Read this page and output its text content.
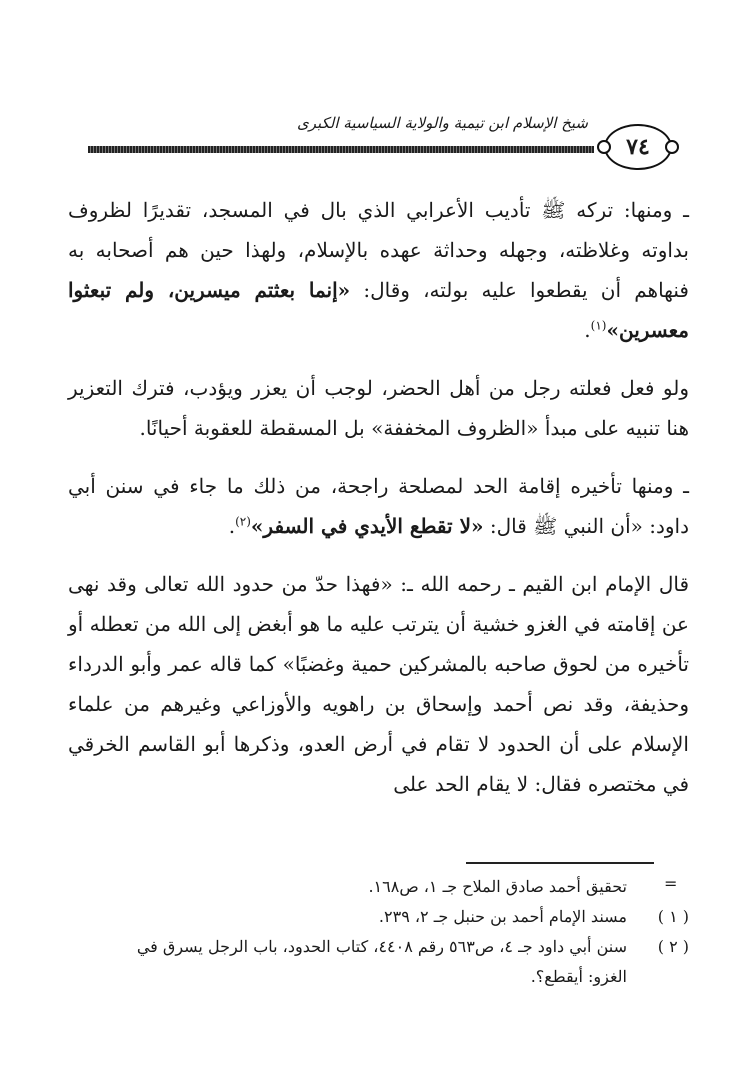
شيخ الإسلام ابن تيمية والولاية السياسية الكبرى
٧٤

ـ ومنها: تركه ﷺ تأديب الأعرابي الذي بال في المسجد، تقديرًا لظروف بداوته وغلاظته، وجهله وحداثة عهده بالإسلام، ولهذا حين هم أصحابه به فنهاهم أن يقطعوا عليه بولته، وقال: «إنما بعثتم ميسرين، ولم تبعثوا معسرين»$^{(١)}$.

ولو فعل فعلته رجل من أهل الحضر، لوجب أن يعزر ويؤدب، فترك التعزير هنا تنبيه على مبدأ «الظروف المخففة» بل المسقطة للعقوبة أحيانًا.

ـ ومنها تأخيره إقامة الحد لمصلحة راجحة، من ذلك ما جاء في سنن أبي داود: «أن النبي ﷺ قال: «لا تقطع الأيدي في السفر»$^{(٢)}$.

قال الإمام ابن القيم ـ رحمه الله ـ: «فهذا حدّ من حدود الله تعالى وقد نهى عن إقامته في الغزو خشية أن يترتب عليه ما هو أبغض إلى الله من تعطله أو تأخيره من لحوق صاحبه بالمشركين حمية وغضبًا» كما قاله عمر وأبو الدرداء وحذيفة، وقد نص أحمد وإسحاق بن راهويه والأوزاعي وغيرهم من علماء الإسلام على أن الحدود لا تقام في أرض العدو، وذكرها أبو القاسم الخرقي في مختصره فقال: لا يقام الحد على

=
تحقيق أحمد صادق الملاح جـ ١، ص١٦٨.
( ١ )
مسند الإمام أحمد بن حنبل جـ ٢، ٢٣٩.
( ٢ )
سنن أبي داود جـ ٤، ص٥٦٣ رقم ٤٤٠٨، كتاب الحدود، باب الرجل يسرق في الغزو: أيقطع؟.
